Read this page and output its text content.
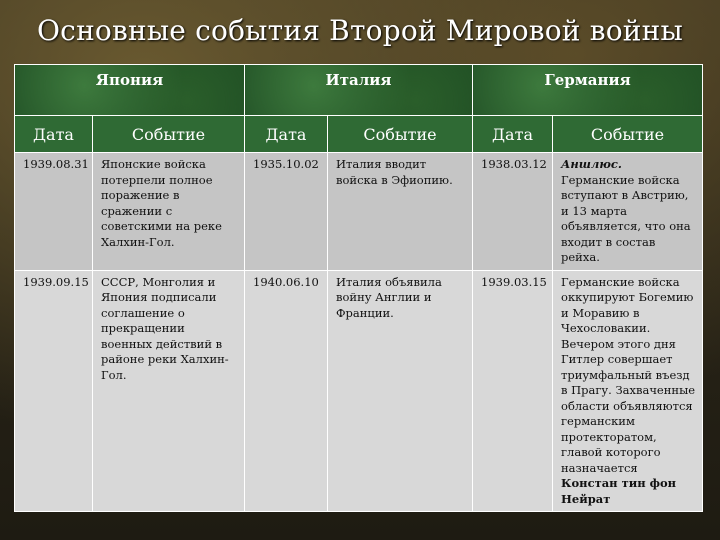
Основные события Второй Мировой войны
Япония		Италия		Германия	
Дата	Событие	Дата	Событие	Дата	Событие
1939.08.31	Японские войска потерпели полное поражение в сражении с советскими на реке Халхин-Гол.	1935.10.02	Италия вводит войска в Эфиопию.	1938.03.12	Аншлюс. Германские войска вступают в Австрию, и 13 марта объявляется, что она входит в состав рейха.
1939.09.15	СССР, Монголия и Япония подписали соглашение о прекращении военных действий в районе реки Халхин-Гол.	1940.06.10	Италия объявила войну Англии и Франции.	1939.03.15	Германские войска оккупируют Богемию и Моравию в Чехословакии. Вечером этого дня Гитлер совершает триумфальный въезд в Прагу. Захваченные области объявляются германским протекторатом, главой которого назначается Констан тин фон Нейрат
